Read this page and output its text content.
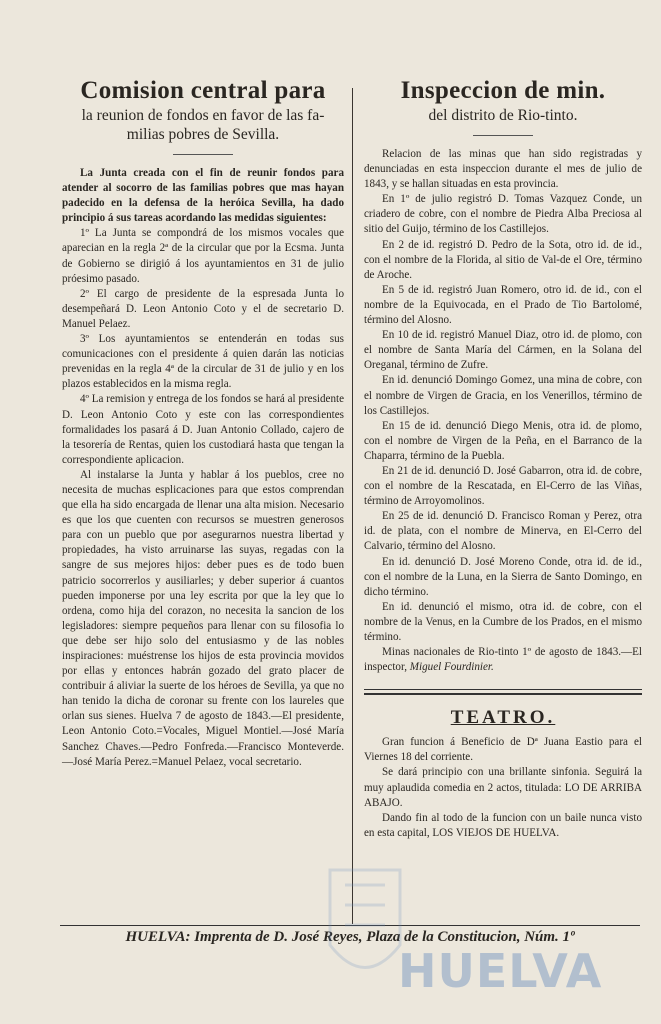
Comision central para

la reunion de fondos en favor de las fa-

milias pobres de Sevilla.

La Junta creada con el fin de reunir fondos para atender al socorro de las familias pobres que mas hayan padecido en la defensa de la heróica Sevilla, ha dado principio á sus tareas acordando las medidas siguientes:

1º La Junta se compondrá de los mismos vocales que aparecian en la regla 2ª de la circular que por la Ecsma. Junta de Gobierno se dirigió á los ayuntamientos en 31 de julio próesimo pasado.

2º El cargo de presidente de la espresada Junta lo desempeñará D. Leon Antonio Coto y el de secretario D. Manuel Pelaez.

3º Los ayuntamientos se entenderán en todas sus comunicaciones con el presidente á quien darán las noticias prevenidas en la regla 4ª de la circular de 31 de julio y en los plazos establecidos en la misma regla.

4º La remision y entrega de los fondos se hará al presidente D. Leon Antonio Coto y este con las correspondientes formalidades los pasará á D. Juan Antonio Collado, cajero de la tesorería de Rentas, quien los custodiará hasta que tengan la correspondiente aplicacion.

Al instalarse la Junta y hablar á los pueblos, cree no necesita de muchas esplicaciones para que estos comprendan que ella ha sido encargada de llenar una alta mision. Necesario es que los que cuenten con recursos se muestren generosos para con un pueblo que por asegurarnos nuestra libertad y propiedades, ha visto arruinarse las suyas, regadas con la sangre de sus mejores hijos: deber pues es de todo buen patricio socorrerlos y ausiliarles; y deber superior á cuantos pueden imponerse por una ley escrita por que la ley que lo ordena, como hija del corazon, no necesita la sancion de los legisladores: siempre pequeños para llenar con su filosofia lo que debe ser hijo solo del entusiasmo y de las nobles inspiraciones: muéstrense los hijos de esta provincia movidos por ellas y entonces habrán gozado del grato placer de contribuir á aliviar la suerte de los héroes de Sevilla, ya que no han tenido la dicha de coronar su frente con los laureles que orlan sus sienes. Huelva 7 de agosto de 1843.—El presidente, Leon Antonio Coto.=Vocales, Miguel Montiel.—José María Sanchez Chaves.—Pedro Fonfreda.—Francisco Monteverde.—José María Perez.=Manuel Pelaez, vocal secretario.

Inspeccion de min.

del distrito de Rio-tinto.

Relacion de las minas que han sido registradas y denunciadas en esta inspeccion durante el mes de julio de 1843, y se hallan situadas en esta provincia.

En 1º de julio registró D. Tomas Vazquez Conde, un criadero de cobre, con el nombre de Piedra Alba Preciosa al sitio del Guijo, término de los Castillejos.

En 2 de id. registró D. Pedro de la Sota, otro id. de id., con el nombre de la Florida, al sitio de Val-de el Ore, término de Aroche.

En 5 de id. registró Juan Romero, otro id. de id., con el nombre de la Equivocada, en el Prado de Tio Bartolomé, término del Alosno.

En 10 de id. registró Manuel Diaz, otro id. de plomo, con el nombre de Santa María del Cármen, en la Solana del Oreganal, término de Zufre.

En id. denunció Domingo Gomez, una mina de cobre, con el nombre de Virgen de Gracia, en los Venerillos, término de los Castillejos.

En 15 de id. denunció Diego Menis, otra id. de plomo, con el nombre de Virgen de la Peña, en el Barranco de la Chaparra, término de la Puebla.

En 21 de id. denunció D. José Gabarron, otra id. de cobre, con el nombre de la Rescatada, en El-Cerro de las Viñas, término de Arroyomolinos.

En 25 de id. denunció D. Francisco Roman y Perez, otra id. de plata, con el nombre de Minerva, en El-Cerro del Calvario, término del Alosno.

En id. denunció D. José Moreno Conde, otra id. de id., con el nombre de la Luna, en la Sierra de Santo Domingo, en dicho término.

En id. denunció el mismo, otra id. de cobre, con el nombre de la Venus, en la Cumbre de los Prados, en el mismo término.

Minas nacionales de Rio-tinto 1º de agosto de 1843.—El inspector, Miguel Fourdinier.

TEATRO.

Gran funcion á Beneficio de Dª Juana Eastio para el Viernes 18 del corriente.

Se dará principio con una brillante sinfonia. Seguirá la muy aplaudida comedia en 2 actos, titulada: LO DE ARRIBA ABAJO.

Dando fin al todo de la funcion con un baile nunca visto en esta capital, LOS VIEJOS DE HUELVA.

HUELVA: Imprenta de D. José Reyes, Plaza de la Constitucion, Núm. 1º
HUELVA
